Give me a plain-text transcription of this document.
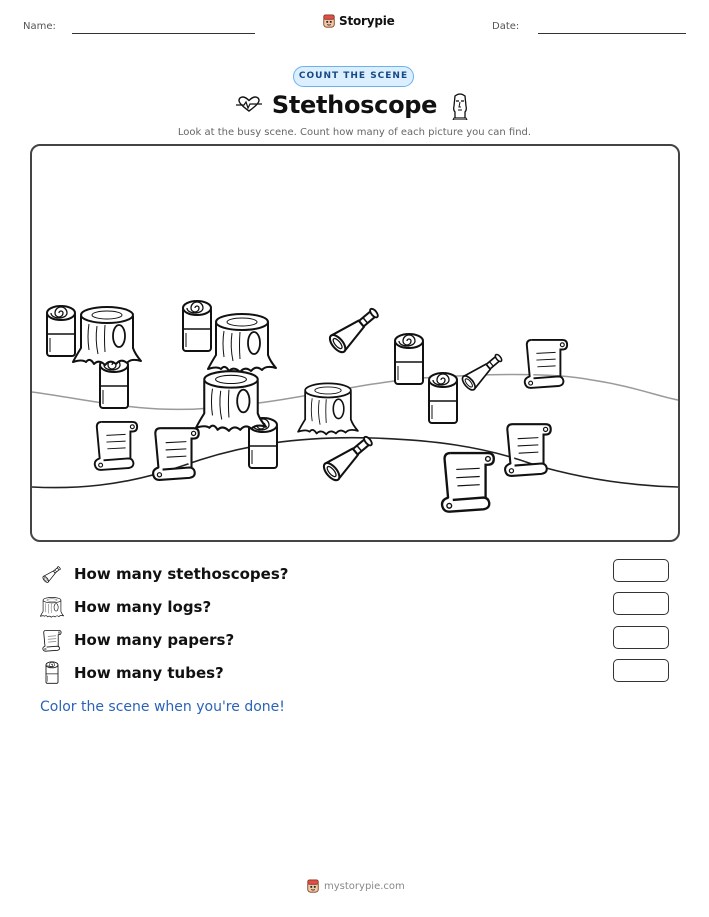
Name:	Storypie	Date:
COUNT THE SCENE
Stethoscope
Look at the busy scene. Count how many of each picture you can find.
How many stethoscopes?
How many logs?
How many papers?
How many tubes?
Color the scene when you're done!
mystorypie.com
